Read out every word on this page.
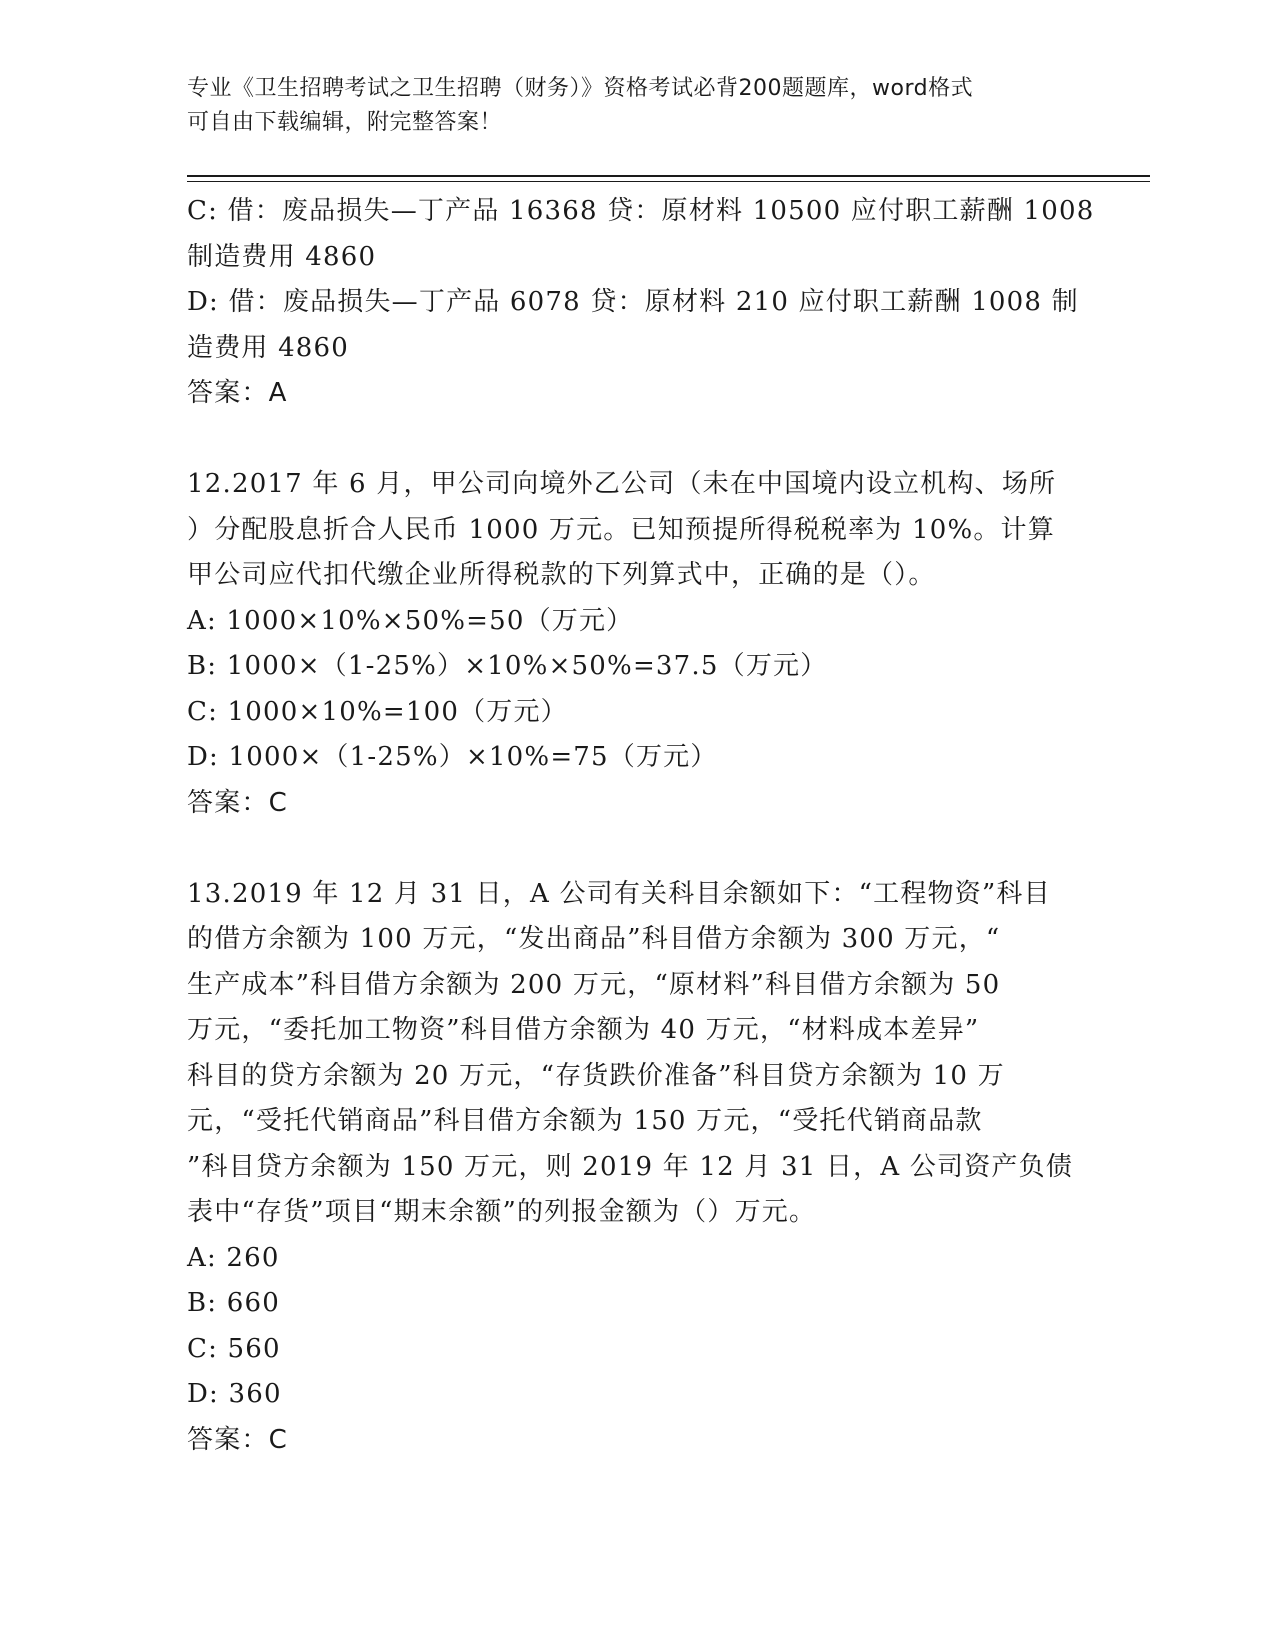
专业《卫生招聘考试之卫生招聘（财务）》资格考试必背200题题库，word格式
可自由下载编辑，附完整答案！
C: 借：废品损失—丁产品 16368 贷：原材料 10500 应付职工薪酬 1008
制造费用 4860
D: 借：废品损失—丁产品 6078 贷：原材料 210 应付职工薪酬 1008 制
造费用 4860
答案：A
12.2017 年 6 月，甲公司向境外乙公司（未在中国境内设立机构、场所
）分配股息折合人民币 1000 万元。已知预提所得税税率为 10%。计算
甲公司应代扣代缴企业所得税款的下列算式中，正确的是（）。
A: 1000×10%×50%=50（万元）
B: 1000×（1-25%）×10%×50%=37.5（万元）
C: 1000×10%=100（万元）
D: 1000×（1-25%）×10%=75（万元）
答案：C
13.2019 年 12 月 31 日，A 公司有关科目余额如下：“工程物资”科目
的借方余额为 100 万元，“发出商品”科目借方余额为 300 万元，“
生产成本”科目借方余额为 200 万元，“原材料”科目借方余额为 50
万元，“委托加工物资”科目借方余额为 40 万元，“材料成本差异”
科目的贷方余额为 20 万元，“存货跌价准备”科目贷方余额为 10 万
元，“受托代销商品”科目借方余额为 150 万元，“受托代销商品款
”科目贷方余额为 150 万元，则 2019 年 12 月 31 日，A 公司资产负债
表中“存货”项目“期末余额”的列报金额为（）万元。
A: 260
B: 660
C: 560
D: 360
答案：C
